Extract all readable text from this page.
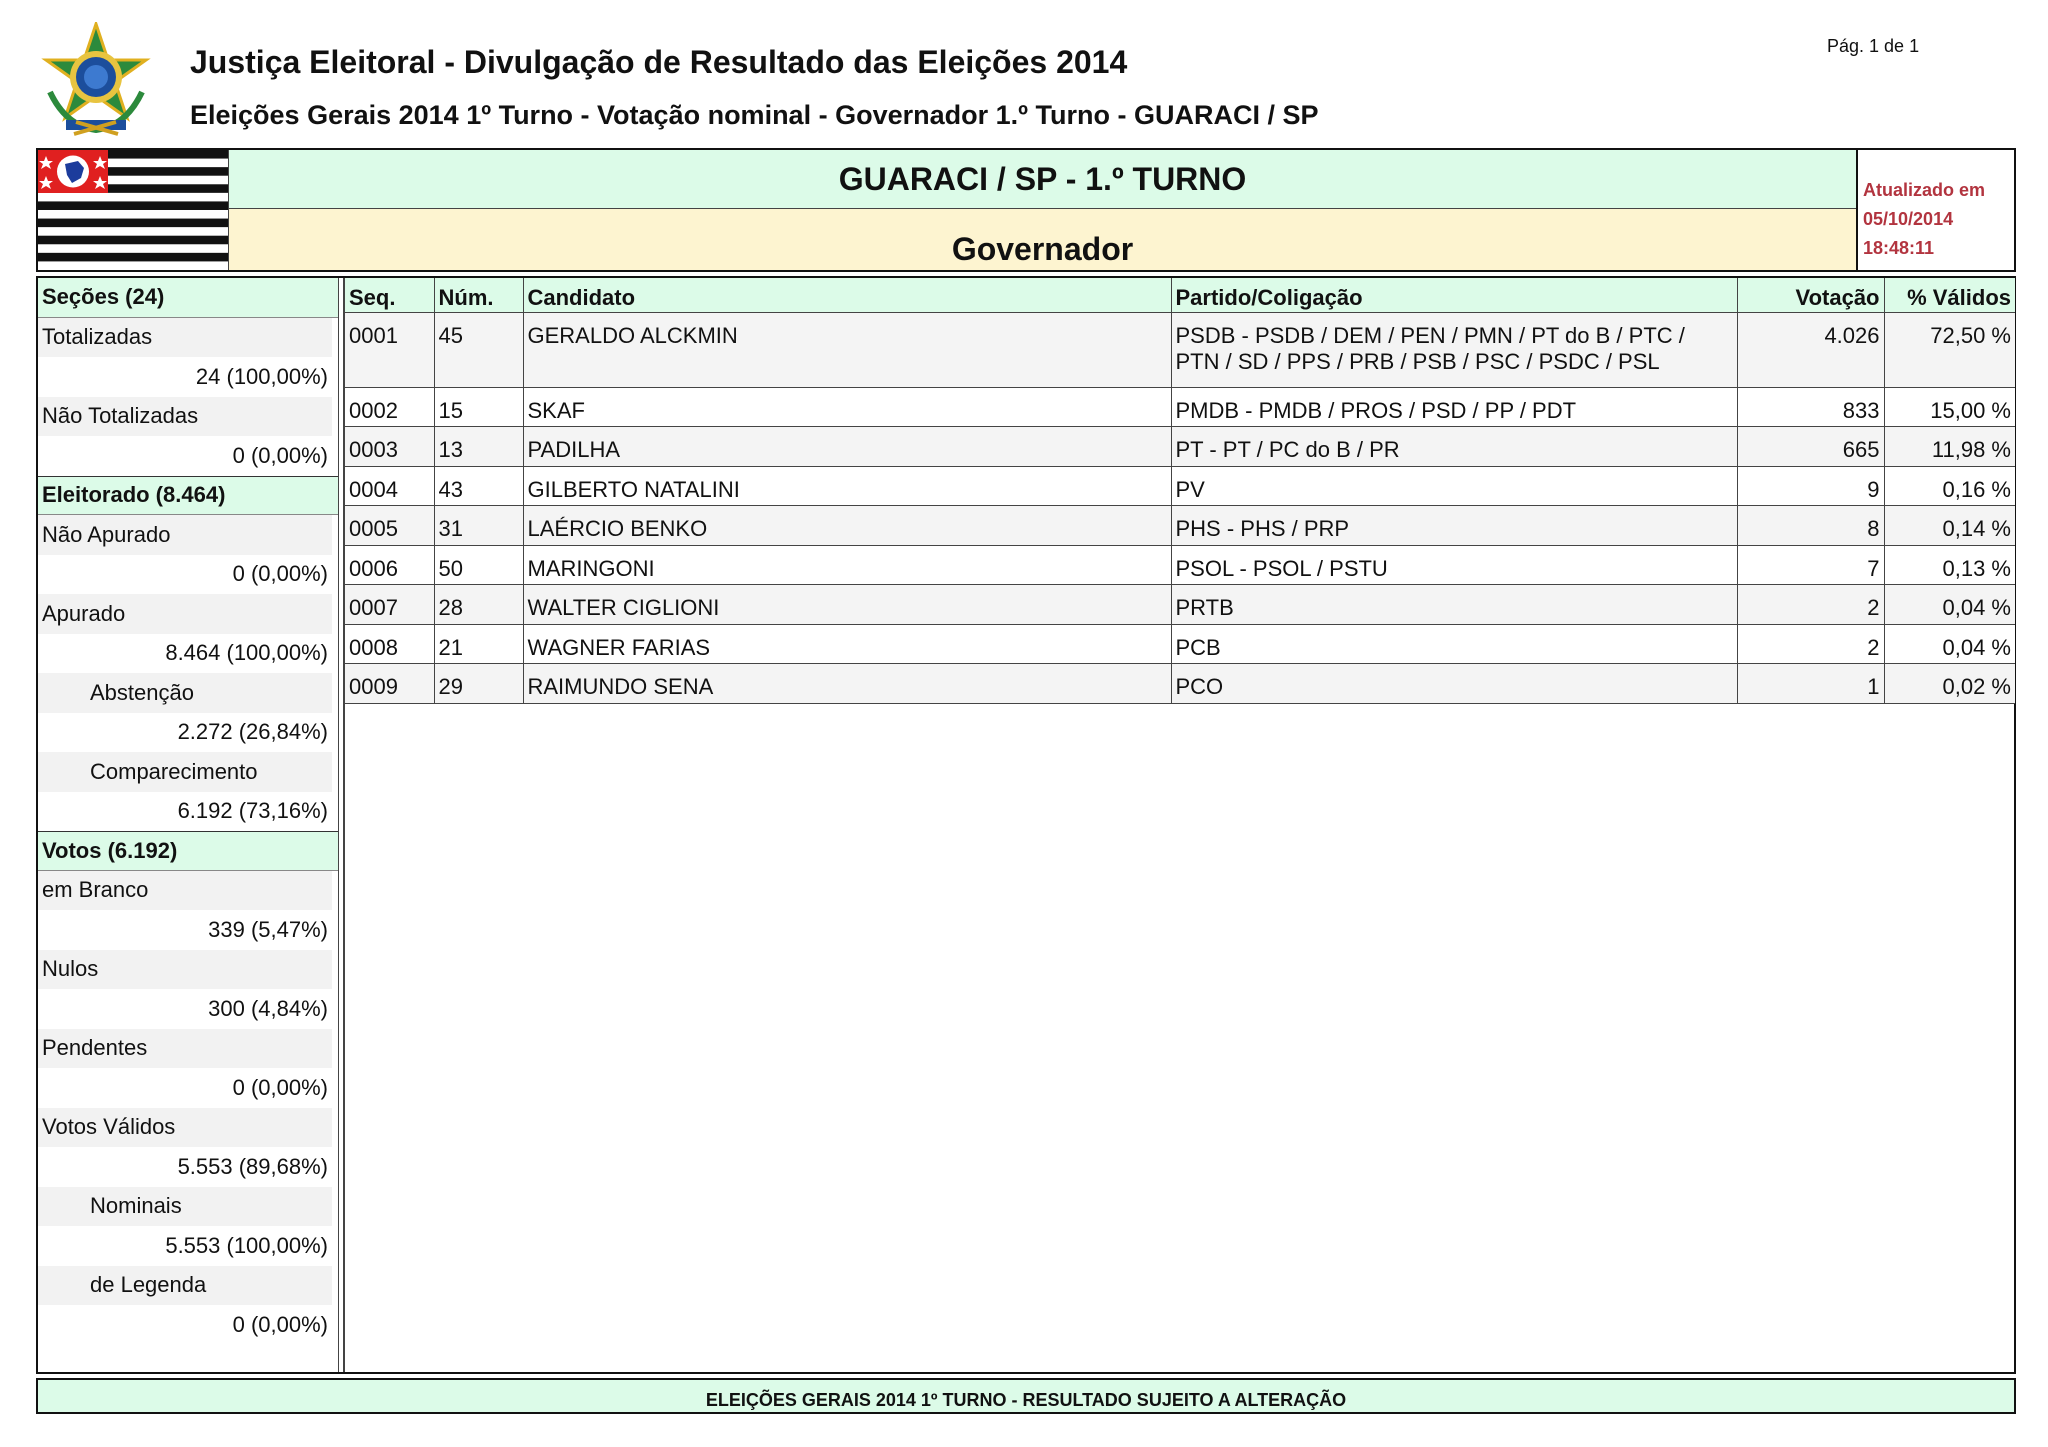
Justiça Eleitoral - Divulgação de Resultado das Eleições 2014
Eleições Gerais 2014 1º Turno - Votação nominal - Governador 1.º Turno - GUARACI / SP
Pág. 1 de 1
GUARACI / SP - 1.º TURNO
Governador
Atualizado em
05/10/2014
18:48:11
Seções (24)
Totalizadas
24 (100,00%)
Não Totalizadas
0 (0,00%)
Eleitorado (8.464)
Não Apurado
0 (0,00%)
Apurado
8.464 (100,00%)
Abstenção
2.272 (26,84%)
Comparecimento
6.192 (73,16%)
Votos (6.192)
em Branco
339 (5,47%)
Nulos
300 (4,84%)
Pendentes
0 (0,00%)
Votos Válidos
5.553 (89,68%)
Nominais
5.553 (100,00%)
de Legenda
0 (0,00%)
Seq.	Núm.	Candidato	Partido/Coligação	Votação	% Válidos
0001	45	GERALDO ALCKMIN	PSDB - PSDB / DEM / PEN / PMN / PT do B / PTC /
PTN / SD / PPS / PRB / PSB / PSC / PSDC / PSL	4.026	72,50 %
0002	15	SKAF	PMDB - PMDB / PROS / PSD / PP / PDT	833	15,00 %
0003	13	PADILHA	PT - PT / PC do B / PR	665	11,98 %
0004	43	GILBERTO NATALINI	PV	9	0,16 %
0005	31	LAÉRCIO BENKO	PHS - PHS / PRP	8	0,14 %
0006	50	MARINGONI	PSOL - PSOL / PSTU	7	0,13 %
0007	28	WALTER CIGLIONI	PRTB	2	0,04 %
0008	21	WAGNER FARIAS	PCB	2	0,04 %
0009	29	RAIMUNDO SENA	PCO	1	0,02 %
ELEIÇÕES GERAIS 2014 1º TURNO - RESULTADO SUJEITO A ALTERAÇÃO
